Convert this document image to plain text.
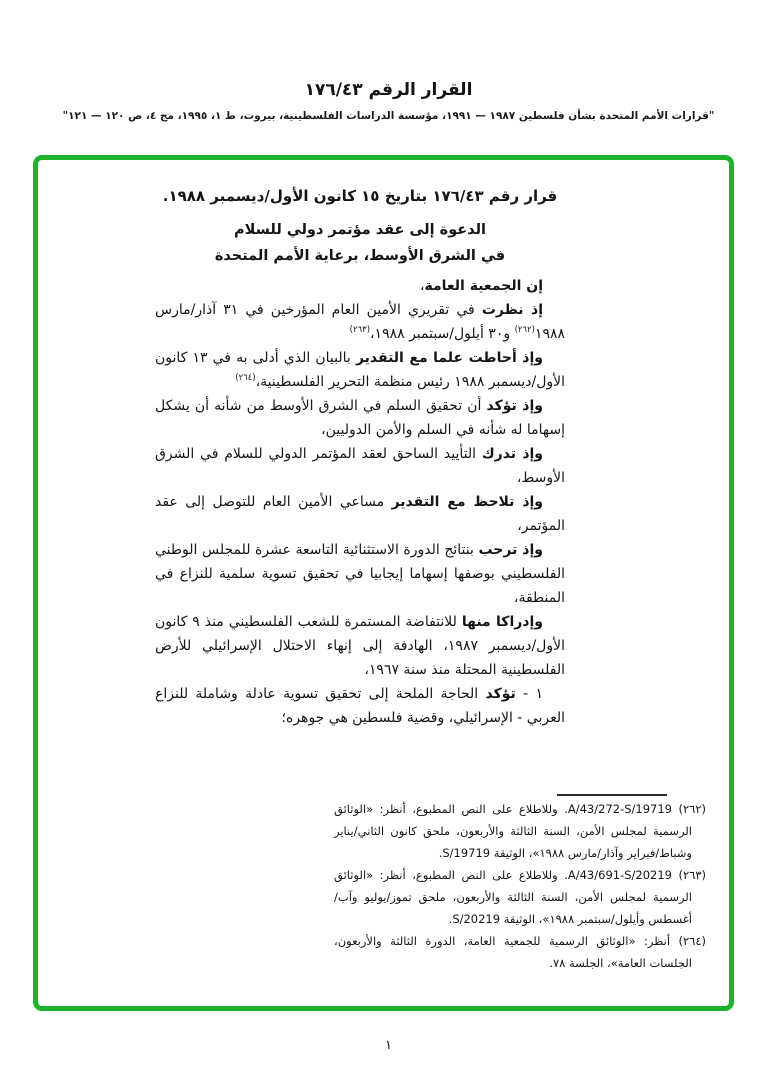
القرار الرقم ١٧٦/٤٣
"قرارات الأمم المتحدة بشأن فلسطين ١٩٨٧ — ١٩٩١، مؤسسة الدراسات الفلسطينية، بيروت، ط ١، ١٩٩٥، مج ٤، ص ١٢٠ — ١٢١"
قرار رقم ١٧٦/٤٣ بتاريخ ١٥ كانون الأول/ديسمبر ١٩٨٨.
الدعوة إلى عقد مؤتمر دولي للسلام
في الشرق الأوسط، برعاية الأمم المتحدة

إن الجمعية العامة،

إذ نظرت في تقريري الأمين العام المؤرخين في ٣١ آذار/مارس ١٩٨٨$^{(٢٦٢)}$ و٣٠ أيلول/سبتمبر ١٩٨٨،$^{(٢٦٣)}$

وإذ أحاطت علما مع التقدير بالبيان الذي أدلى به في ١٣ كانون الأول/ديسمبر ١٩٨٨ رئيس منظمة التحرير الفلسطينية،$^{(٢٦٤)}$

وإذ تؤكد أن تحقيق السلم في الشرق الأوسط من شأنه أن يشكل إسهاما له شأنه في السلم والأمن الدوليين،

وإذ تدرك التأييد الساحق لعقد المؤتمر الدولي للسلام في الشرق الأوسط،

وإذ تلاحظ مع التقدير مساعي الأمين العام للتوصل إلى عقد المؤتمر،

وإذ ترحب بنتائج الدورة الاستثنائية التاسعة عشرة للمجلس الوطني الفلسطيني بوصفها إسهاما إيجابيا في تحقيق تسوية سلمية للنزاع في المنطقة،

وإدراكا منها للانتفاضة المستمرة للشعب الفلسطيني منذ ٩ كانون الأول/ديسمبر ١٩٨٧، الهادفة إلى إنهاء الاحتلال الإسرائيلي للأرض الفلسطينية المحتلة منذ سنة ١٩٦٧،

١ - تؤكد الحاجة الملحة إلى تحقيق تسوية عادلة وشاملة للنزاع العربي - الإسرائيلي، وقضية فلسطين هي جوهره؛

(٢٦٢) A/43/272-S/19719. وللاطلاع على النص المطبوع، أنظر: «الوثائق الرسمية لمجلس الأمن، السنة الثالثة والأربعون، ملحق كانون الثاني/يناير وشباط/فبراير وآذار/مارس ١٩٨٨»، الوثيقة S/19719.

(٢٦٣) A/43/691-S/20219. وللاطلاع على النص المطبوع، أنظر: «الوثائق الرسمية لمجلس الأمن، السنة الثالثة والأربعون، ملحق تموز/يوليو وآب/أغسطس وأيلول/سبتمبر ١٩٨٨»، الوثيقة S/20219.

(٢٦٤) أنظر: «الوثائق الرسمية للجمعية العامة، الدورة الثالثة والأربعون، الجلسات العامة»، الجلسة ٧٨.

١
